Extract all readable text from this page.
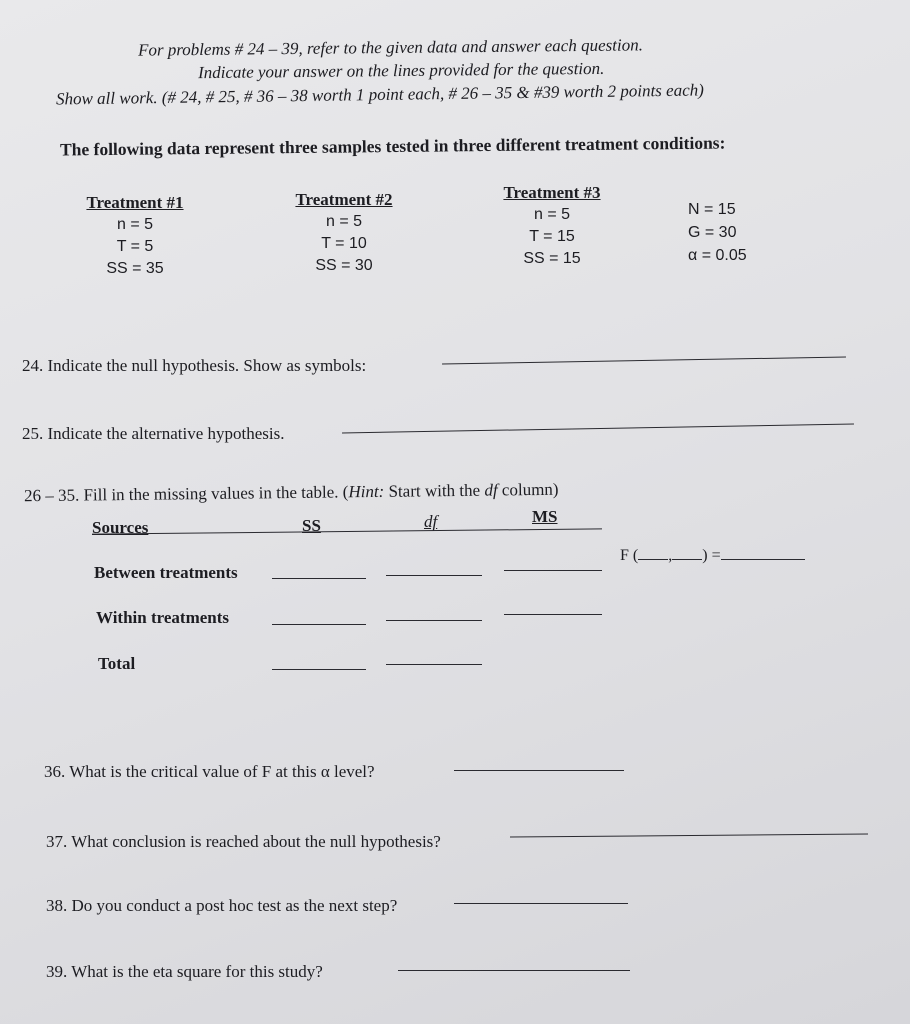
For problems # 24 – 39, refer to the given data and answer each question.
Indicate your answer on the lines provided for the question.
Show all work. (# 24, # 25, # 36 – 38 worth 1 point each, # 26 – 35 & #39 worth 2 points each)
The following data represent three samples tested in three different treatment conditions:
Treatment #1
n = 5
T = 5
SS = 35
Treatment #2
n = 5
T = 10
SS = 30
Treatment #3
n = 5
T = 15
SS = 15
N = 15
G = 30
α = 0.05
24. Indicate the null hypothesis. Show as symbols:
25. Indicate the alternative hypothesis.
26 – 35. Fill in the missing values in the table. (Hint: Start with the df column)
Sources	SS	df	MS
Between treatments
F ( , ) =
Within treatments
Total
36. What is the critical value of F at this α level?
37. What conclusion is reached about the null hypothesis?
38. Do you conduct a post hoc test as the next step?
39. What is the eta square for this study?
